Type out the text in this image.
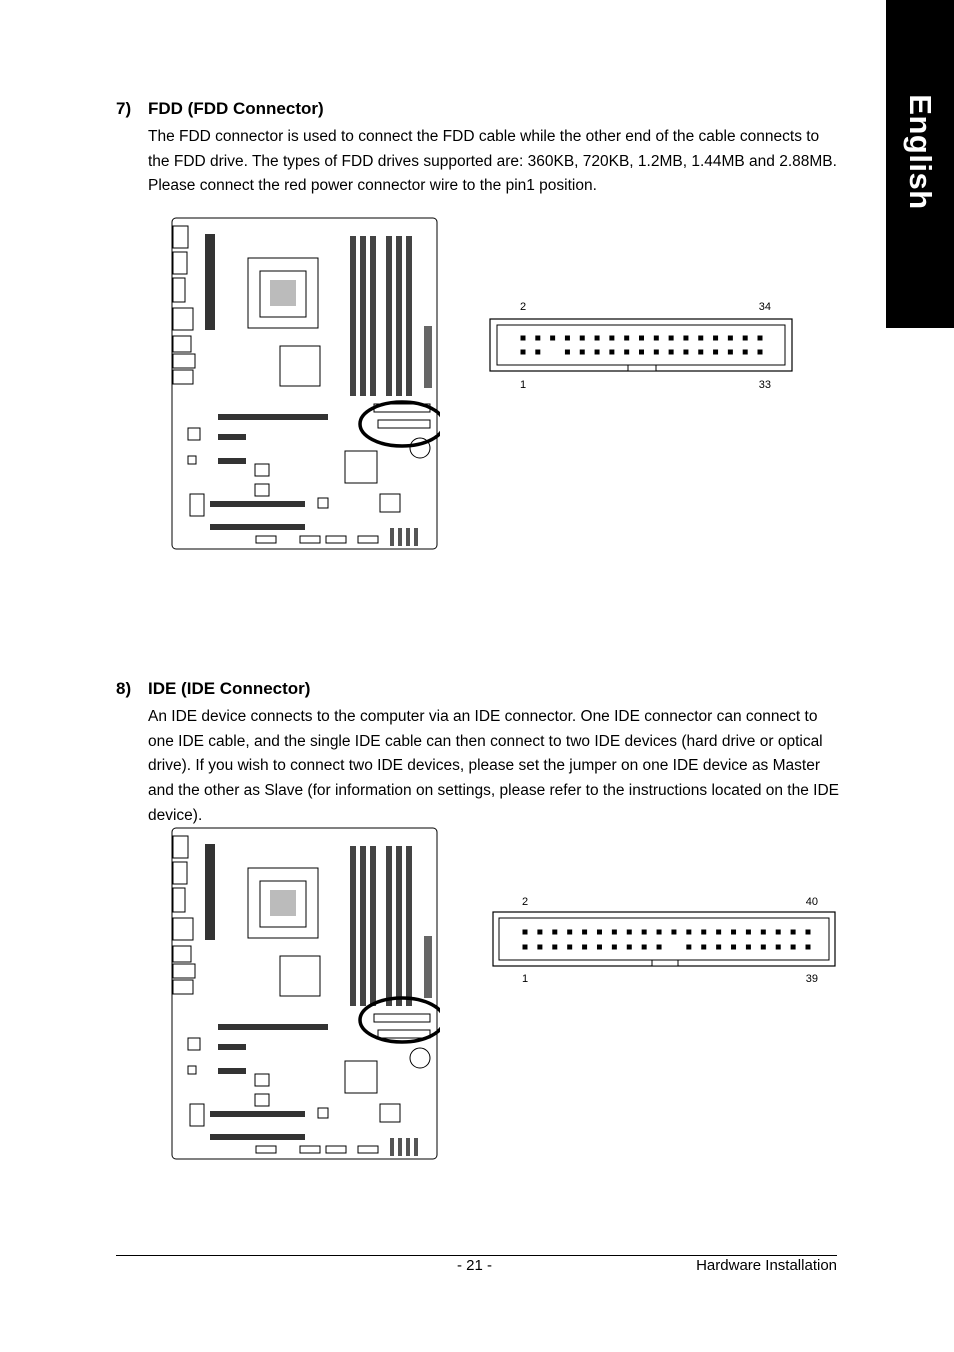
English
7) FDD (FDD Connector)

The FDD connector is used to connect the FDD cable while the other end of the cable connects to the FDD drive. The types of FDD drives supported are: 360KB, 720KB, 1.2MB, 1.44MB and 2.88MB. Please connect the red power connector wire to the pin1 position.

2	34
1	33
8) IDE (IDE Connector)

An IDE device connects to the computer via an IDE connector. One IDE connector can connect to one IDE cable, and the single IDE cable can then connect to two IDE devices (hard drive or optical drive). If you wish to connect two IDE devices, please set the jumper on one IDE device as Master and the other as Slave (for information on settings, please refer to the instructions located on the IDE device).

2	40
1	39
- 21 -	Hardware Installation
